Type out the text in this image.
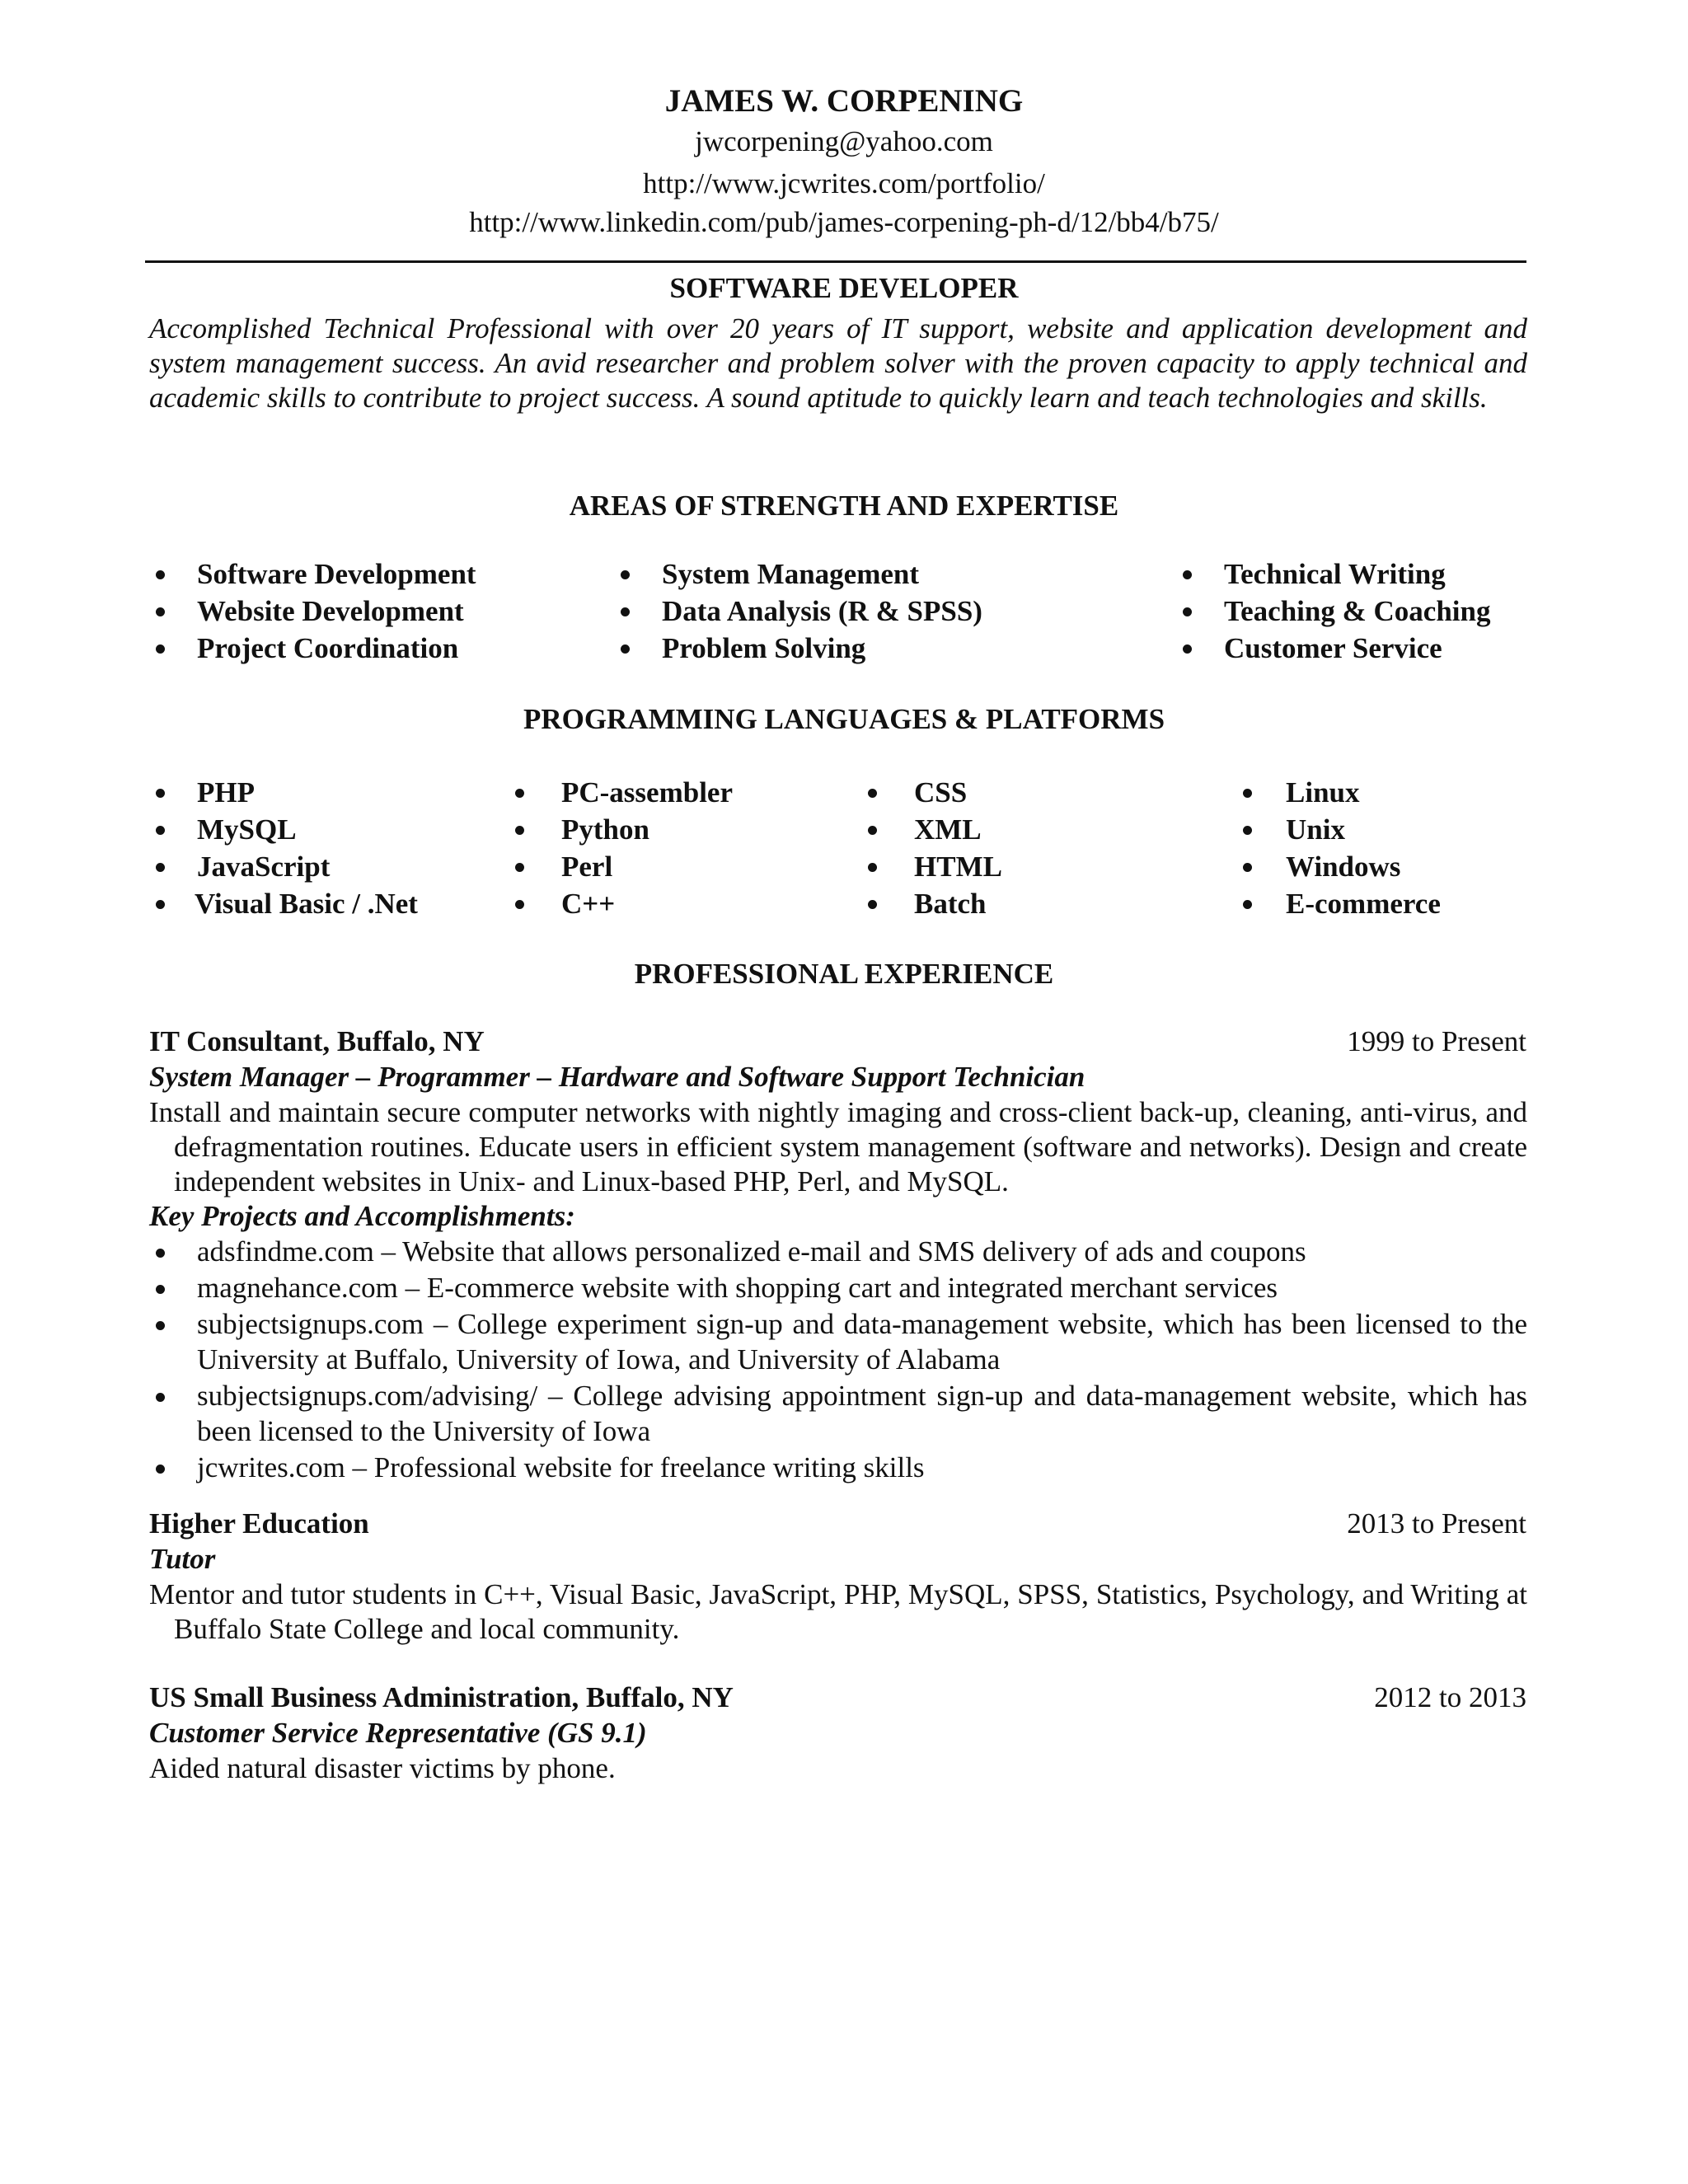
JAMES W. CORPENING
jwcorpening@yahoo.com
http://www.jcwrites.com/portfolio/
http://www.linkedin.com/pub/james-corpening-ph-d/12/bb4/b75/
SOFTWARE DEVELOPER
Accomplished Technical Professional with over 20 years of IT support, website and application development and system management success. An avid researcher and problem solver with the proven capacity to apply technical and academic skills to contribute to project success. A sound aptitude to quickly learn and teach technologies and skills.
AREAS OF STRENGTH AND EXPERTISE
Software Development
Website Development
Project Coordination
System Management
Data Analysis (R & SPSS)
Problem Solving
Technical Writing
Teaching & Coaching
Customer Service
PROGRAMMING LANGUAGES & PLATFORMS
PHP
MySQL
JavaScript
Visual Basic / .Net
PC-assembler
Python
Perl
C++
CSS
XML
HTML
Batch
Linux
Unix
Windows
E-commerce
PROFESSIONAL EXPERIENCE
IT Consultant, Buffalo, NY	1999 to Present
System Manager – Programmer – Hardware and Software Support Technician
Install and maintain secure computer networks with nightly imaging and cross-client back-up, cleaning, anti-virus, and defragmentation routines. Educate users in efficient system management (software and networks). Design and create independent websites in Unix- and Linux-based PHP, Perl, and MySQL.
Key Projects and Accomplishments:
adsfindme.com – Website that allows personalized e-mail and SMS delivery of ads and coupons
magnehance.com – E-commerce website with shopping cart and integrated merchant services
subjectsignups.com – College experiment sign-up and data-management website, which has been licensed to the University at Buffalo, University of Iowa, and University of Alabama
subjectsignups.com/advising/ – College advising appointment sign-up and data-management website, which has been licensed to the University of Iowa
jcwrites.com – Professional website for freelance writing skills
Higher Education	2013 to Present
Tutor
Mentor and tutor students in C++, Visual Basic, JavaScript, PHP, MySQL, SPSS, Statistics, Psychology, and Writing at Buffalo State College and local community.
US Small Business Administration, Buffalo, NY	2012 to 2013
Customer Service Representative (GS 9.1)
Aided natural disaster victims by phone.
